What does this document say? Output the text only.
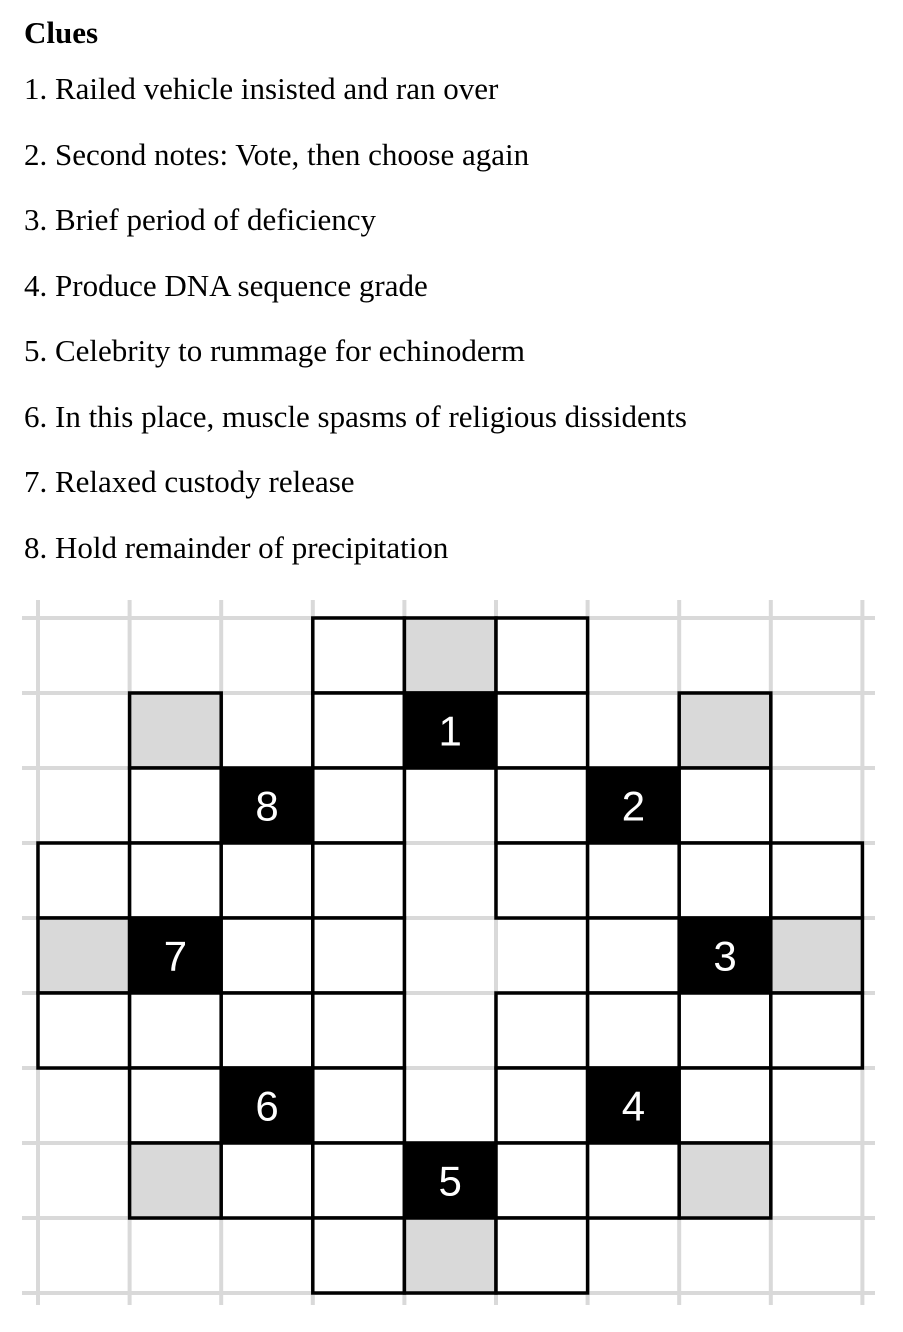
Clues
1. Railed vehicle insisted and ran over
2. Second notes: Vote, then choose again
3. Brief period of deficiency
4. Produce DNA sequence grade
5. Celebrity to rummage for echinoderm
6. In this place, muscle spasms of religious dissidents
7. Relaxed custody release
8. Hold remainder of precipitation
1
8	2
7	3
6	4
5
